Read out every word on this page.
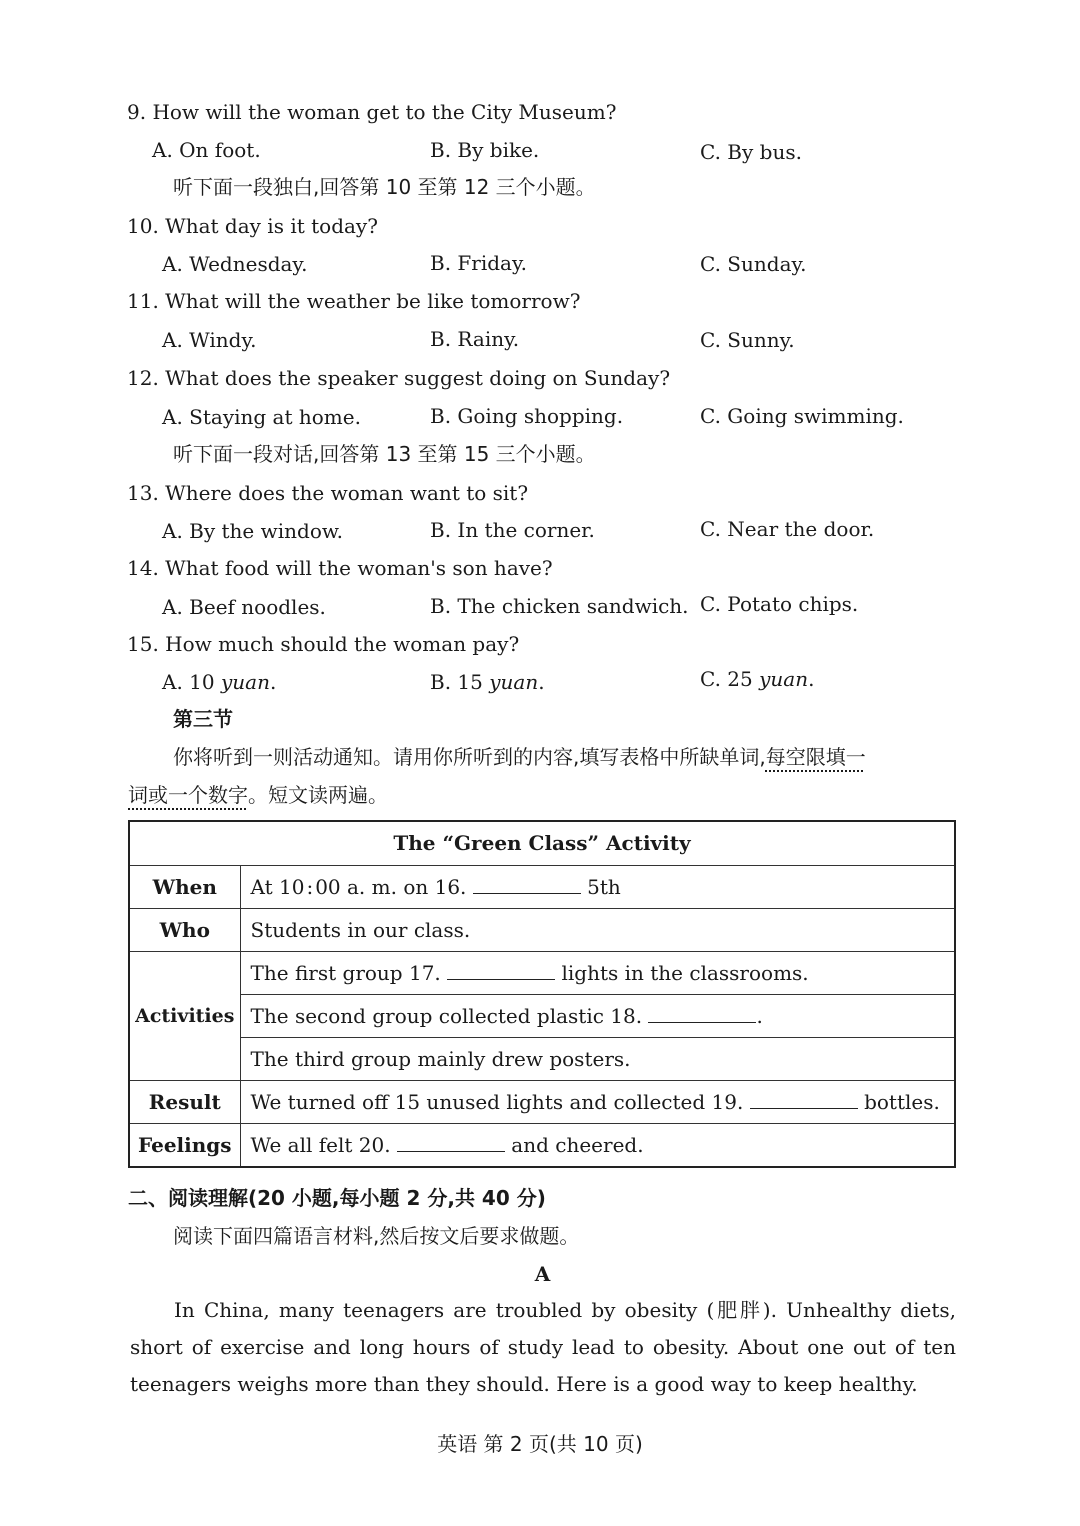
9. How will the woman get to the City Museum?
A. On foot.	B. By bike.	C. By bus.
听下面一段独白,回答第 10 至第 12 三个小题。
10. What day is it today?
A. Wednesday.	B. Friday.	C. Sunday.
11. What will the weather be like tomorrow?
A. Windy.	B. Rainy.	C. Sunny.
12. What does the speaker suggest doing on Sunday?
A. Staying at home.	B. Going shopping.	C. Going swimming.
听下面一段对话,回答第 13 至第 15 三个小题。
13. Where does the woman want to sit?
A. By the window.	B. In the corner.	C. Near the door.
14. What food will the woman's son have?
A. Beef noodles.	B. The chicken sandwich. C. Potato chips.
15. How much should the woman pay?
A. 10 yuan.	B. 15 yuan.	C. 25 yuan.
第三节
你将听到一则活动通知。请用你所听到的内容,填写表格中所缺单词,每空限填一
词或一个数字。短文读两遍。
The “Green Class” Activity	
When	At 10 : 00 a. m. on 16. 5th
Who	Students in our class.
Activities	The first group 17. lights in the classrooms.
	The second group collected plastic 18. .
	The third group mainly drew posters.
Result	We turned off 15 unused lights and collected 19. bottles.
Feelings	We all felt 20. and cheered.
二、阅读理解(20 小题,每小题 2 分,共 40 分)
阅读下面四篇语言材料,然后按文后要求做题。
A

In China, many teenagers are troubled by obesity (肥胖). Unhealthy diets, short of exercise and long hours of study lead to obesity. About one out of ten teenagers weighs more than they should. Here is a good way to keep healthy.

英语 第 2 页(共 10 页)
